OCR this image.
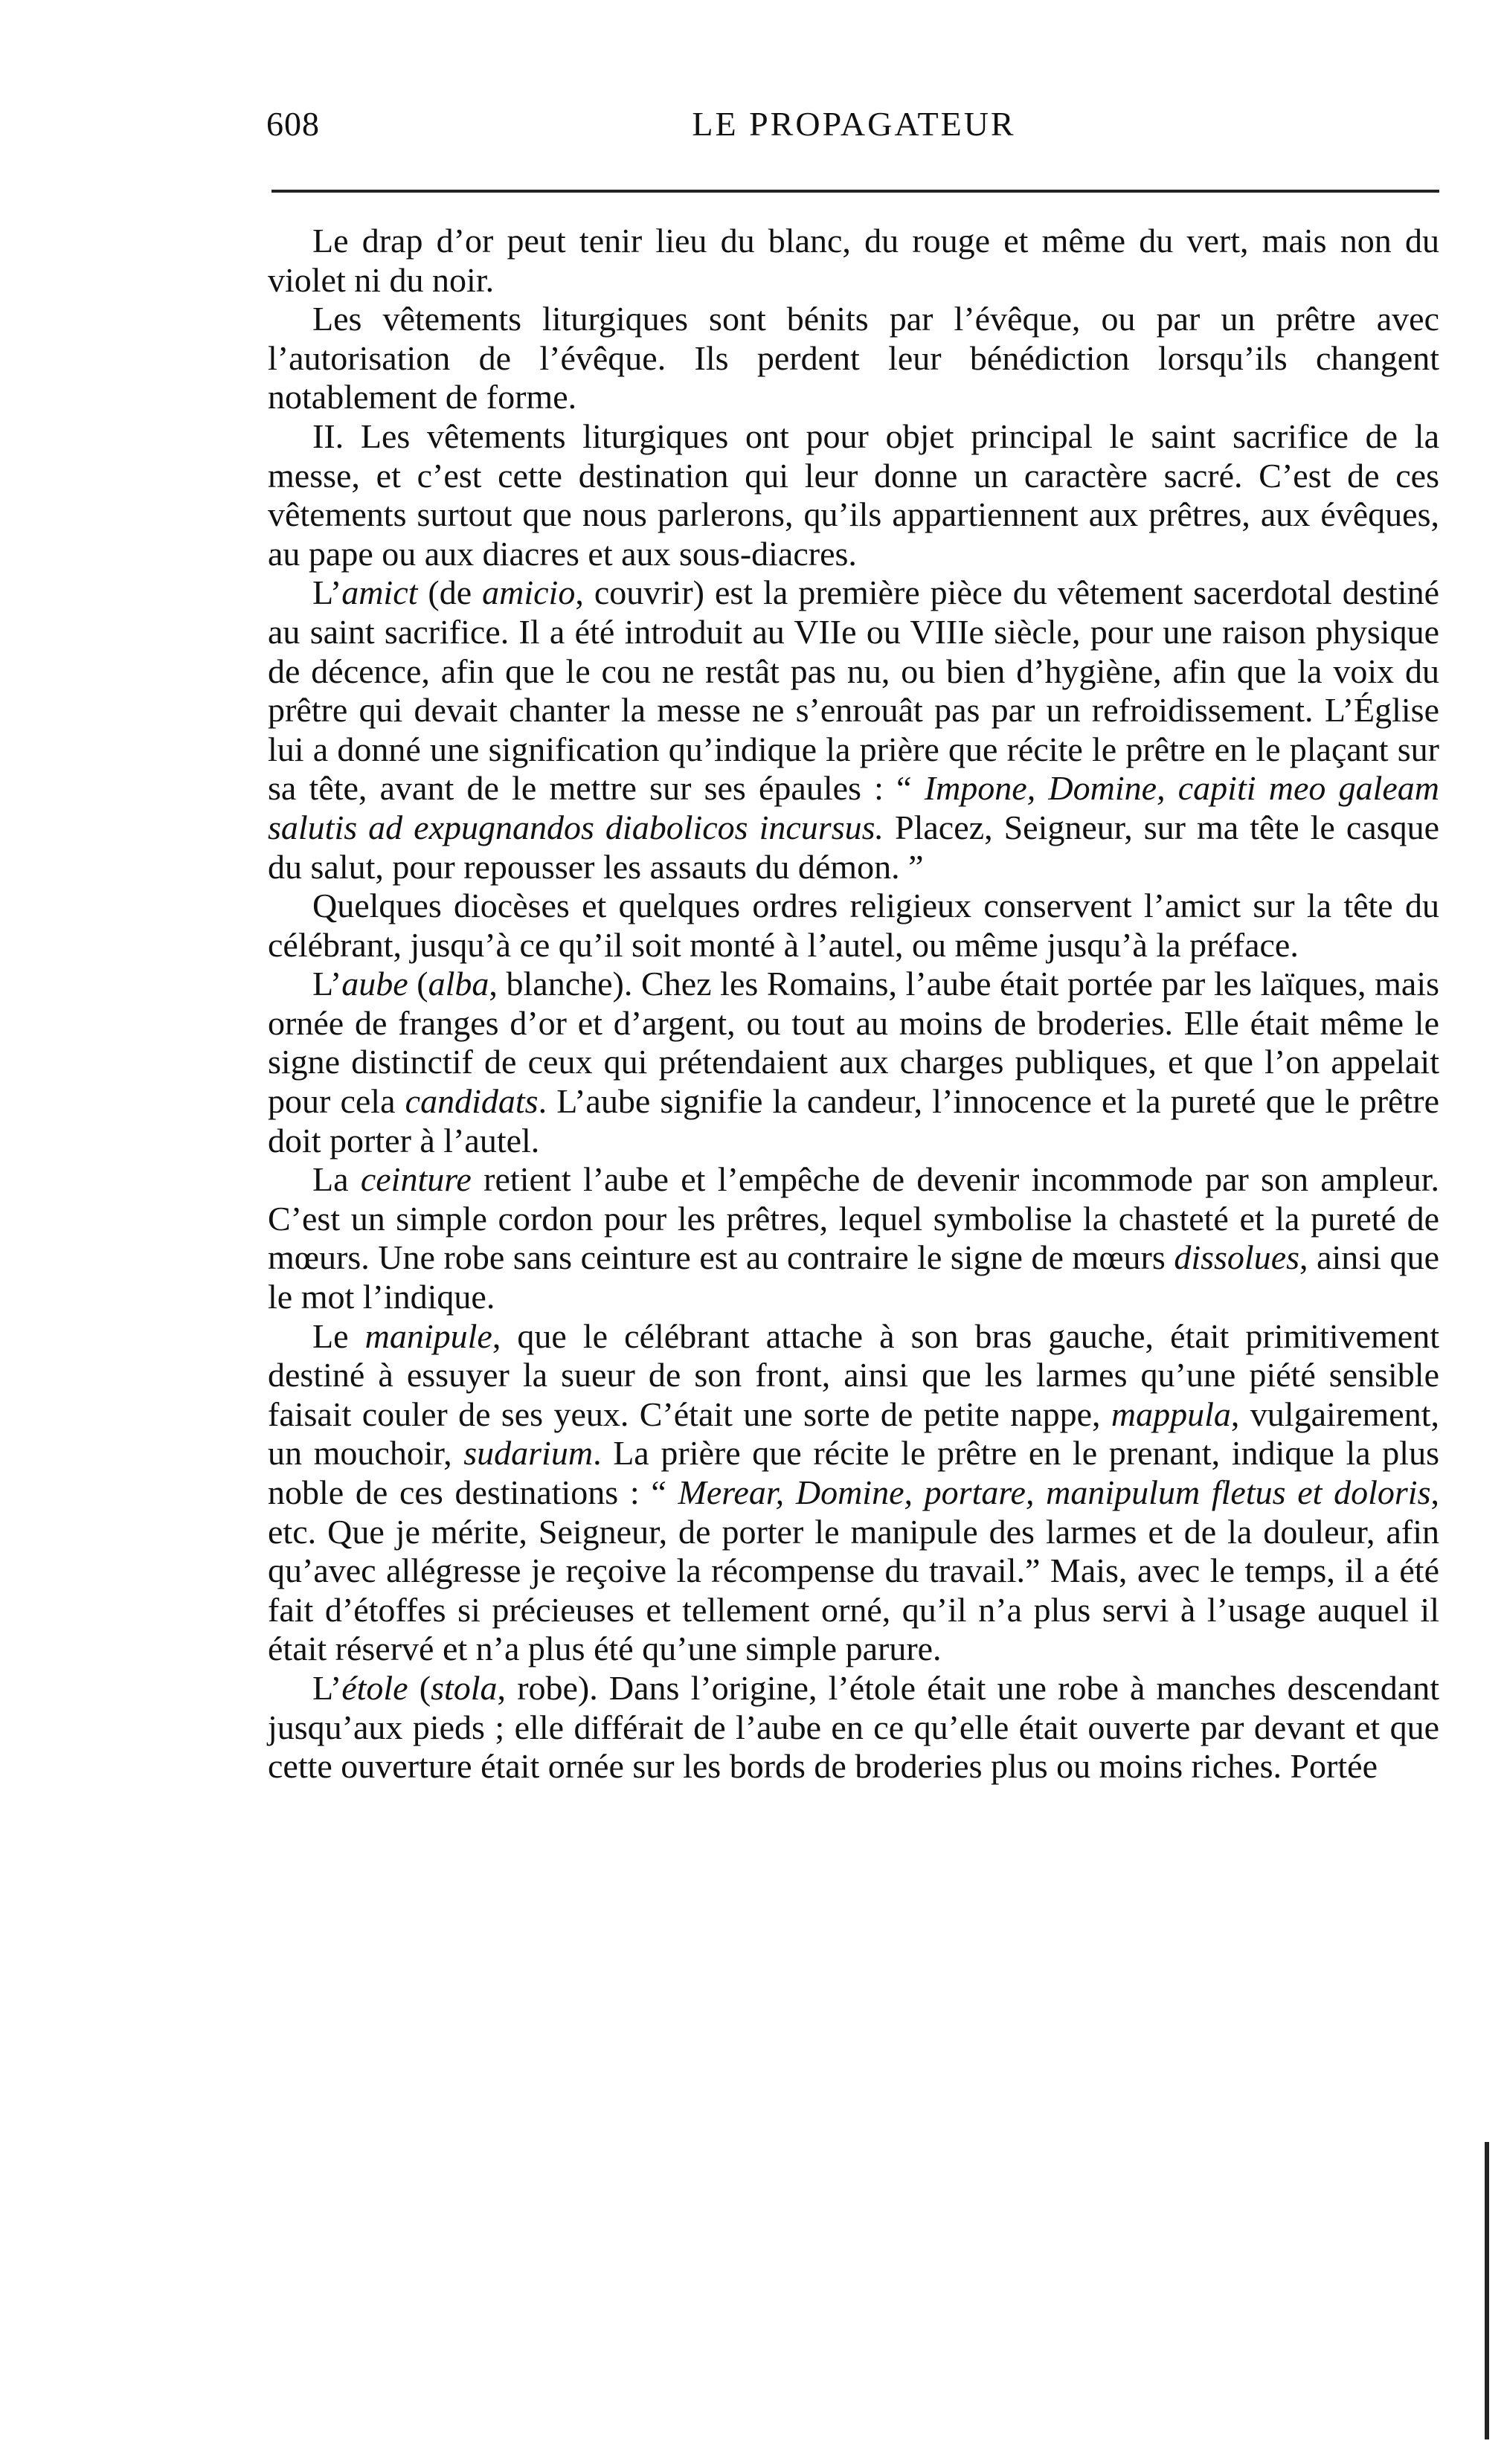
608	LE PROPAGATEUR

Le drap d’or peut tenir lieu du blanc, du rouge et même du vert, mais non du violet ni du noir.

Les vêtements liturgiques sont bénits par l’évêque, ou par un prêtre avec l’autorisation de l’évêque. Ils perdent leur bénédiction lorsqu’ils changent notablement de forme.

II. Les vêtements liturgiques ont pour objet principal le saint sacrifice de la messe, et c’est cette destination qui leur donne un caractère sacré. C’est de ces vêtements surtout que nous parlerons, qu’ils appartiennent aux prêtres, aux évêques, au pape ou aux diacres et aux sous-diacres.

L’amict (de amicio, couvrir) est la première pièce du vêtement sacerdotal destiné au saint sacrifice. Il a été introduit au VIIe ou VIIIe siècle, pour une raison physique de décence, afin que le cou ne restât pas nu, ou bien d’hygiène, afin que la voix du prêtre qui devait chanter la messe ne s’enrouât pas par un refroidissement. L’Église lui a donné une signification qu’indique la prière que récite le prêtre en le plaçant sur sa tête, avant de le mettre sur ses épaules : “ Impone, Domine, capiti meo galeam salutis ad expugnandos diabolicos incursus. Placez, Seigneur, sur ma tête le casque du salut, pour repousser les assauts du démon. ”

Quelques diocèses et quelques ordres religieux conservent l’amict sur la tête du célébrant, jusqu’à ce qu’il soit monté à l’autel, ou même jusqu’à la préface.

L’aube (alba, blanche). Chez les Romains, l’aube était portée par les laïques, mais ornée de franges d’or et d’argent, ou tout au moins de broderies. Elle était même le signe distinctif de ceux qui prétendaient aux charges publiques, et que l’on appelait pour cela candidats. L’aube signifie la candeur, l’innocence et la pureté que le prêtre doit porter à l’autel.

La ceinture retient l’aube et l’empêche de devenir incommode par son ampleur. C’est un simple cordon pour les prêtres, lequel symbolise la chasteté et la pureté de mœurs. Une robe sans ceinture est au contraire le signe de mœurs dissolues, ainsi que le mot l’indique.

Le manipule, que le célébrant attache à son bras gauche, était primitivement destiné à essuyer la sueur de son front, ainsi que les larmes qu’une piété sensible faisait couler de ses yeux. C’était une sorte de petite nappe, mappula, vulgairement, un mouchoir, sudarium. La prière que récite le prêtre en le prenant, indique la plus noble de ces destinations : “ Merear, Domine, portare, manipulum fletus et doloris, etc. Que je mérite, Seigneur, de porter le manipule des larmes et de la douleur, afin qu’avec allégresse je reçoive la récompense du travail.” Mais, avec le temps, il a été fait d’étoffes si précieuses et tellement orné, qu’il n’a plus servi à l’usage auquel il était réservé et n’a plus été qu’une simple parure.

L’étole (stola, robe). Dans l’origine, l’étole était une robe à manches descendant jusqu’aux pieds ; elle différait de l’aube en ce qu’elle était ouverte par devant et que cette ouverture était ornée sur les bords de broderies plus ou moins riches. Portée
